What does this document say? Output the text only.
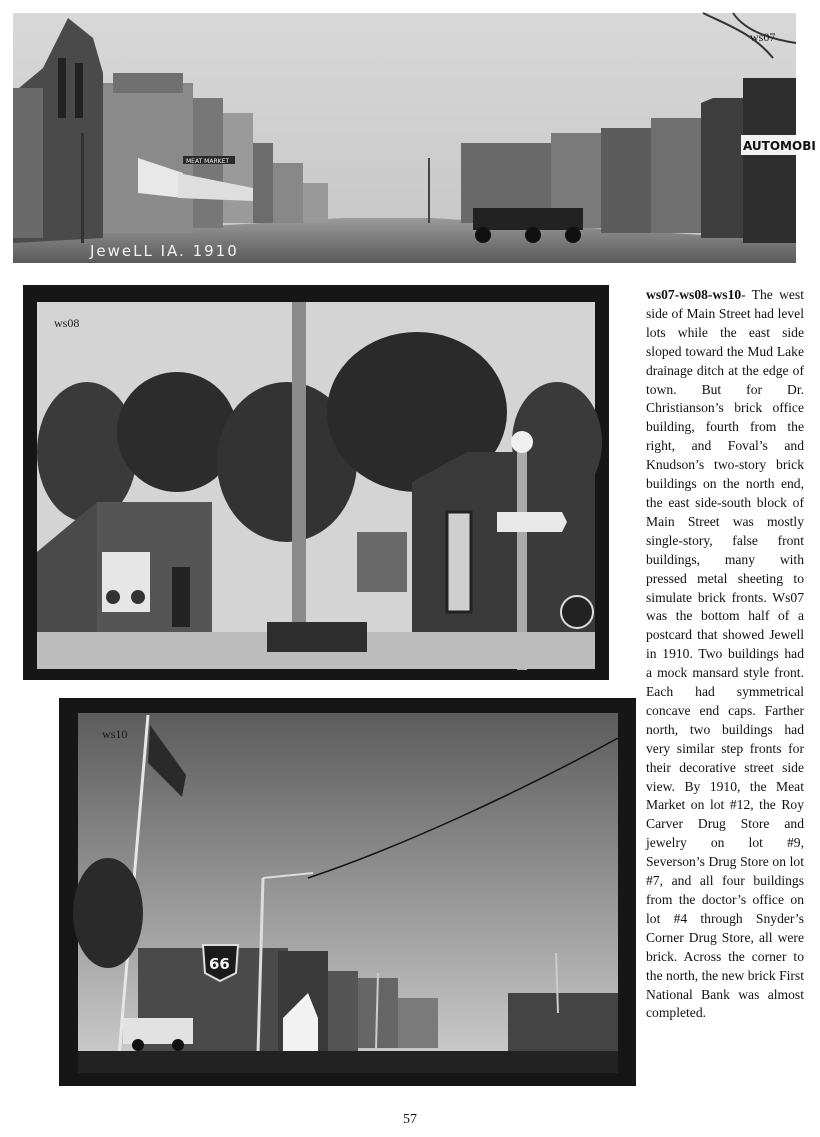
MEAT MARKET
AUTOMOBI
ws07
JeweLL IA. 1910
ws08
66
ws10
ws07-ws08-ws10- The west side of Main Street had level lots while the east side sloped toward the Mud Lake drainage ditch at the edge of town. But for Dr. Christianson’s brick office building, fourth from the right, and Foval’s and Knudson’s two-story brick buildings on the north end, the east side-south block of Main Street was mostly single-story, false front buildings, many with pressed metal sheeting to simulate brick fronts. Ws07 was the bottom half of a postcard that showed Jewell in 1910. Two buildings had a mock mansard style front. Each had symmetrical concave end caps. Farther north, two buildings had very similar step fronts for their decorative street side view. By 1910, the Meat Market on lot #12, the Roy Carver Drug Store and jewelry on lot #9, Severson’s Drug Store on lot #7, and all four buildings from the doctor’s office on lot #4 through Snyder’s Corner Drug Store, all were brick. Across the corner to the north, the new brick First National Bank was almost completed.
57
